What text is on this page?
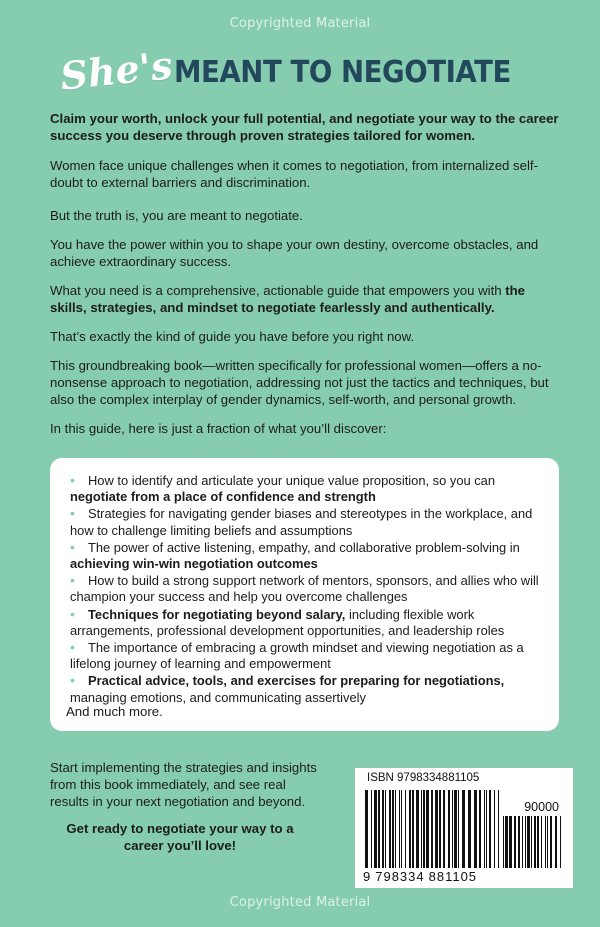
Copyrighted Material
She'sMEANT TO NEGOTIATE

Claim your worth, unlock your full potential, and negotiate your way to the career success you deserve through proven strategies tailored for women.

Women face unique challenges when it comes to negotiation, from internalized self-doubt to external barriers and discrimination.

But the truth is, you are meant to negotiate.

You have the power within you to shape your own destiny, overcome obstacles, and achieve extraordinary success.

What you need is a comprehensive, actionable guide that empowers you with the skills, strategies, and mindset to negotiate fearlessly and authentically.

That’s exactly the kind of guide you have before you right now.

This groundbreaking book—written specifically for professional women—offers a no-nonsense approach to negotiation, addressing not just the tactics and techniques, but also the complex interplay of gender dynamics, self-worth, and personal growth.

In this guide, here is just a fraction of what you’ll discover:

• How to identify and articulate your unique value proposition, so you can negotiate from a place of confidence and strength
• Strategies for navigating gender biases and stereotypes in the workplace, and how to challenge limiting beliefs and assumptions
• The power of active listening, empathy, and collaborative problem-solving in achieving win-win negotiation outcomes
• How to build a strong support network of mentors, sponsors, and allies who will champion your success and help you overcome challenges
• Techniques for negotiating beyond salary, including flexible work arrangements, professional development opportunities, and leadership roles
• The importance of embracing a growth mindset and viewing negotiation as a lifelong journey of learning and empowerment
• Practical advice, tools, and exercises for preparing for negotiations, managing emotions, and communicating assertively

And much more.

Start implementing the strategies and insights from this book immediately, and see real results in your next negotiation and beyond.

Get ready to negotiate your way to a career you’ll love!

ISBN 9798334881105
90000
9 798334 881105
Copyrighted Material
